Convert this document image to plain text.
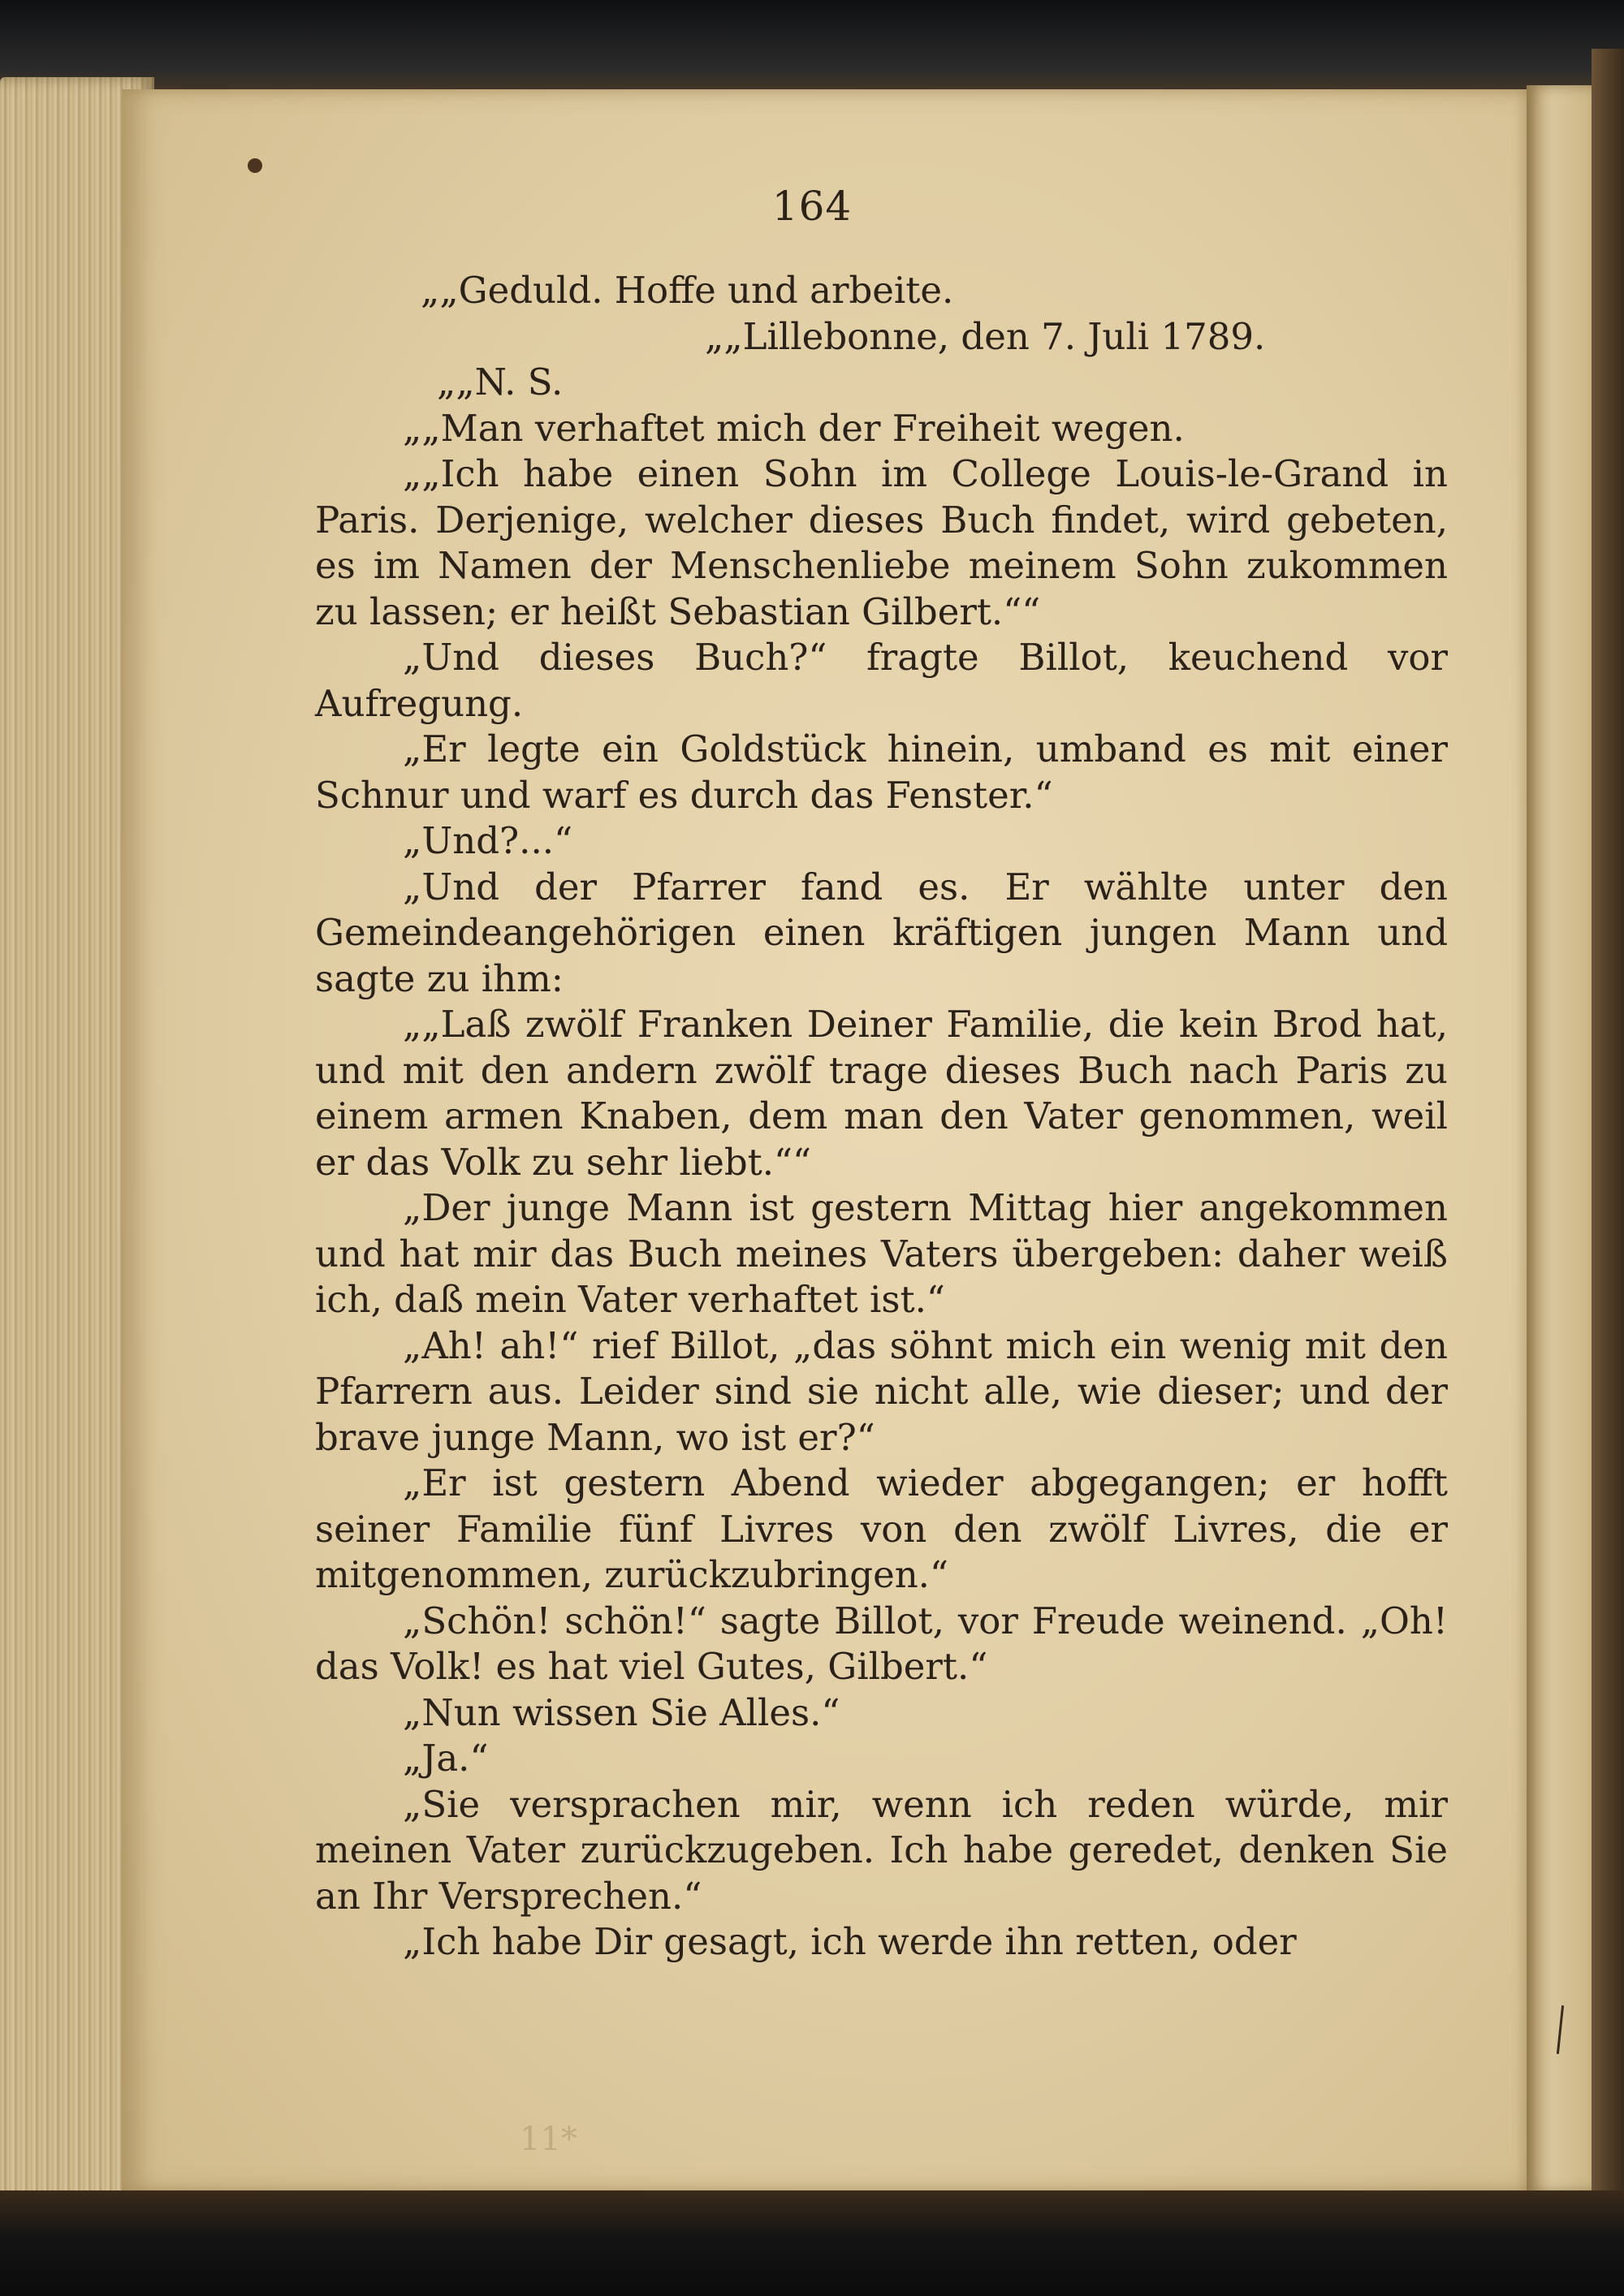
164

„„Geduld. Hoffe und arbeite.

„„Lillebonne, den 7. Juli 1789.

„„N. S.

„„Man verhaftet mich der Freiheit wegen.

„„Ich habe einen Sohn im College Louis-le-Grand in Paris. Derjenige, welcher dieses Buch findet, wird gebeten, es im Namen der Menschenliebe meinem Sohn zukommen zu lassen; er heißt Sebastian Gilbert.““

„Und dieses Buch?“ fragte Billot, keuchend vor Aufregung.

„Er legte ein Goldstück hinein, umband es mit einer Schnur und warf es durch das Fenster.“

„Und?...“

„Und der Pfarrer fand es. Er wählte unter den Gemeindeangehörigen einen kräftigen jungen Mann und sagte zu ihm:

„„Laß zwölf Franken Deiner Familie, die kein Brod hat, und mit den andern zwölf trage dieses Buch nach Paris zu einem armen Knaben, dem man den Vater genommen, weil er das Volk zu sehr liebt.““

„Der junge Mann ist gestern Mittag hier angekommen und hat mir das Buch meines Vaters übergeben: daher weiß ich, daß mein Vater verhaftet ist.“

„Ah! ah!“ rief Billot, „das söhnt mich ein wenig mit den Pfarrern aus. Leider sind sie nicht alle, wie dieser; und der brave junge Mann, wo ist er?“

„Er ist gestern Abend wieder abgegangen; er hofft seiner Familie fünf Livres von den zwölf Livres, die er mitgenommen, zurückzubringen.“

„Schön! schön!“ sagte Billot, vor Freude weinend. „Oh! das Volk! es hat viel Gutes, Gilbert.“

„Nun wissen Sie Alles.“

„Ja.“

„Sie versprachen mir, wenn ich reden würde, mir meinen Vater zurückzugeben. Ich habe geredet, denken Sie an Ihr Versprechen.“

„Ich habe Dir gesagt, ich werde ihn retten, oder

11*
